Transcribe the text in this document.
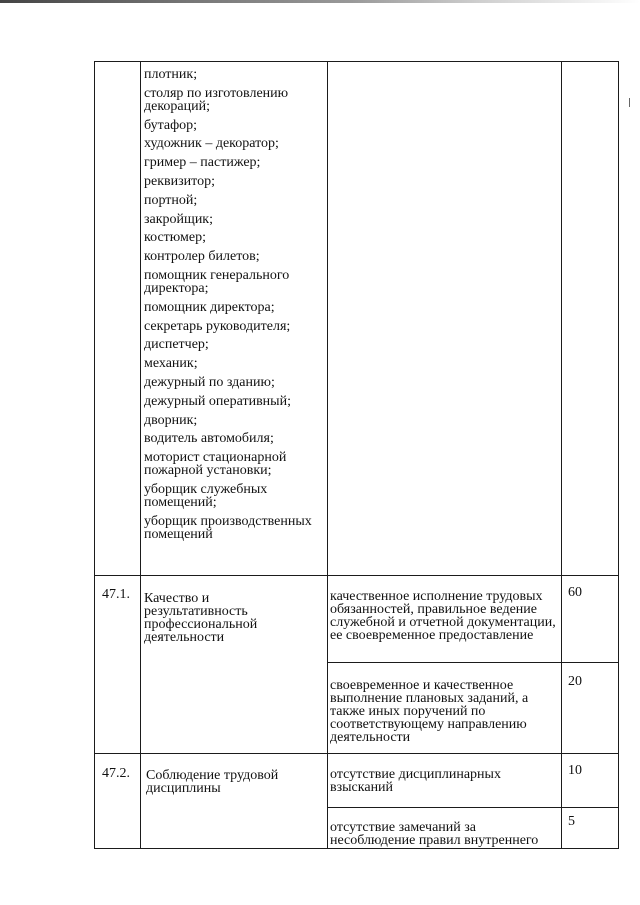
плотник;
столяр по изготовлению декораций;
бутафор;
художник – декоратор;
гример – пастижер;
реквизитор;
портной;
закройщик;
костюмер;
контролер билетов;
помощник генерального директора;
помощник директора;
секретарь руководителя;
диспетчер;
механик;
дежурный по зданию;
дежурный оперативный;
дворник;
водитель автомобиля;
моторист стационарной пожарной установки;
уборщик служебных помещений;
уборщик производственных помещений
47.1. Качество и результативность профессиональной деятельности
качественное исполнение трудовых обязанностей, правильное ведение служебной и отчетной документации, ее своевременное предоставление
60
своевременное и качественное выполнение плановых заданий, а также иных поручений по соответствующему направлению деятельности
20
47.2. Соблюдение трудовой дисциплины
отсутствие дисциплинарных взысканий
10
отсутствие замечаний за несоблюдение правил внутреннего
5
